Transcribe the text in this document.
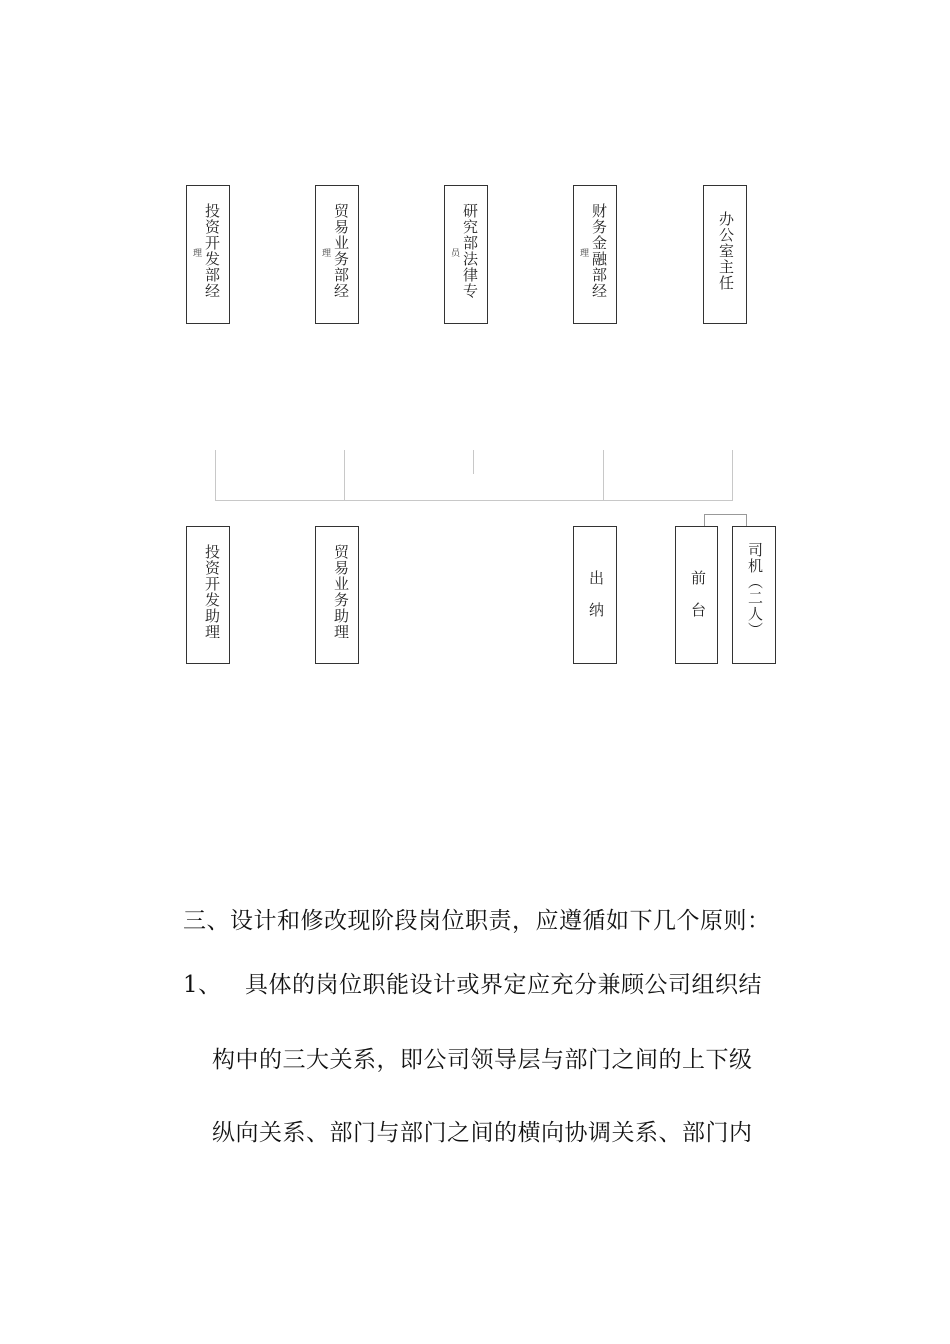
投资开发部经
理	贸易业务部经
理	研究部法律专
员	财务金融部经
理	办公室主任
投资开发助理	贸易业务助理	出　纳	前　台	司机（二人）
三、设计和修改现阶段岗位职责，应遵循如下几个原则：
1、 具体的岗位职能设计或界定应充分兼顾公司组织结
构中的三大关系，即公司领导层与部门之间的上下级
纵向关系、部门与部门之间的横向协调关系、部门内
